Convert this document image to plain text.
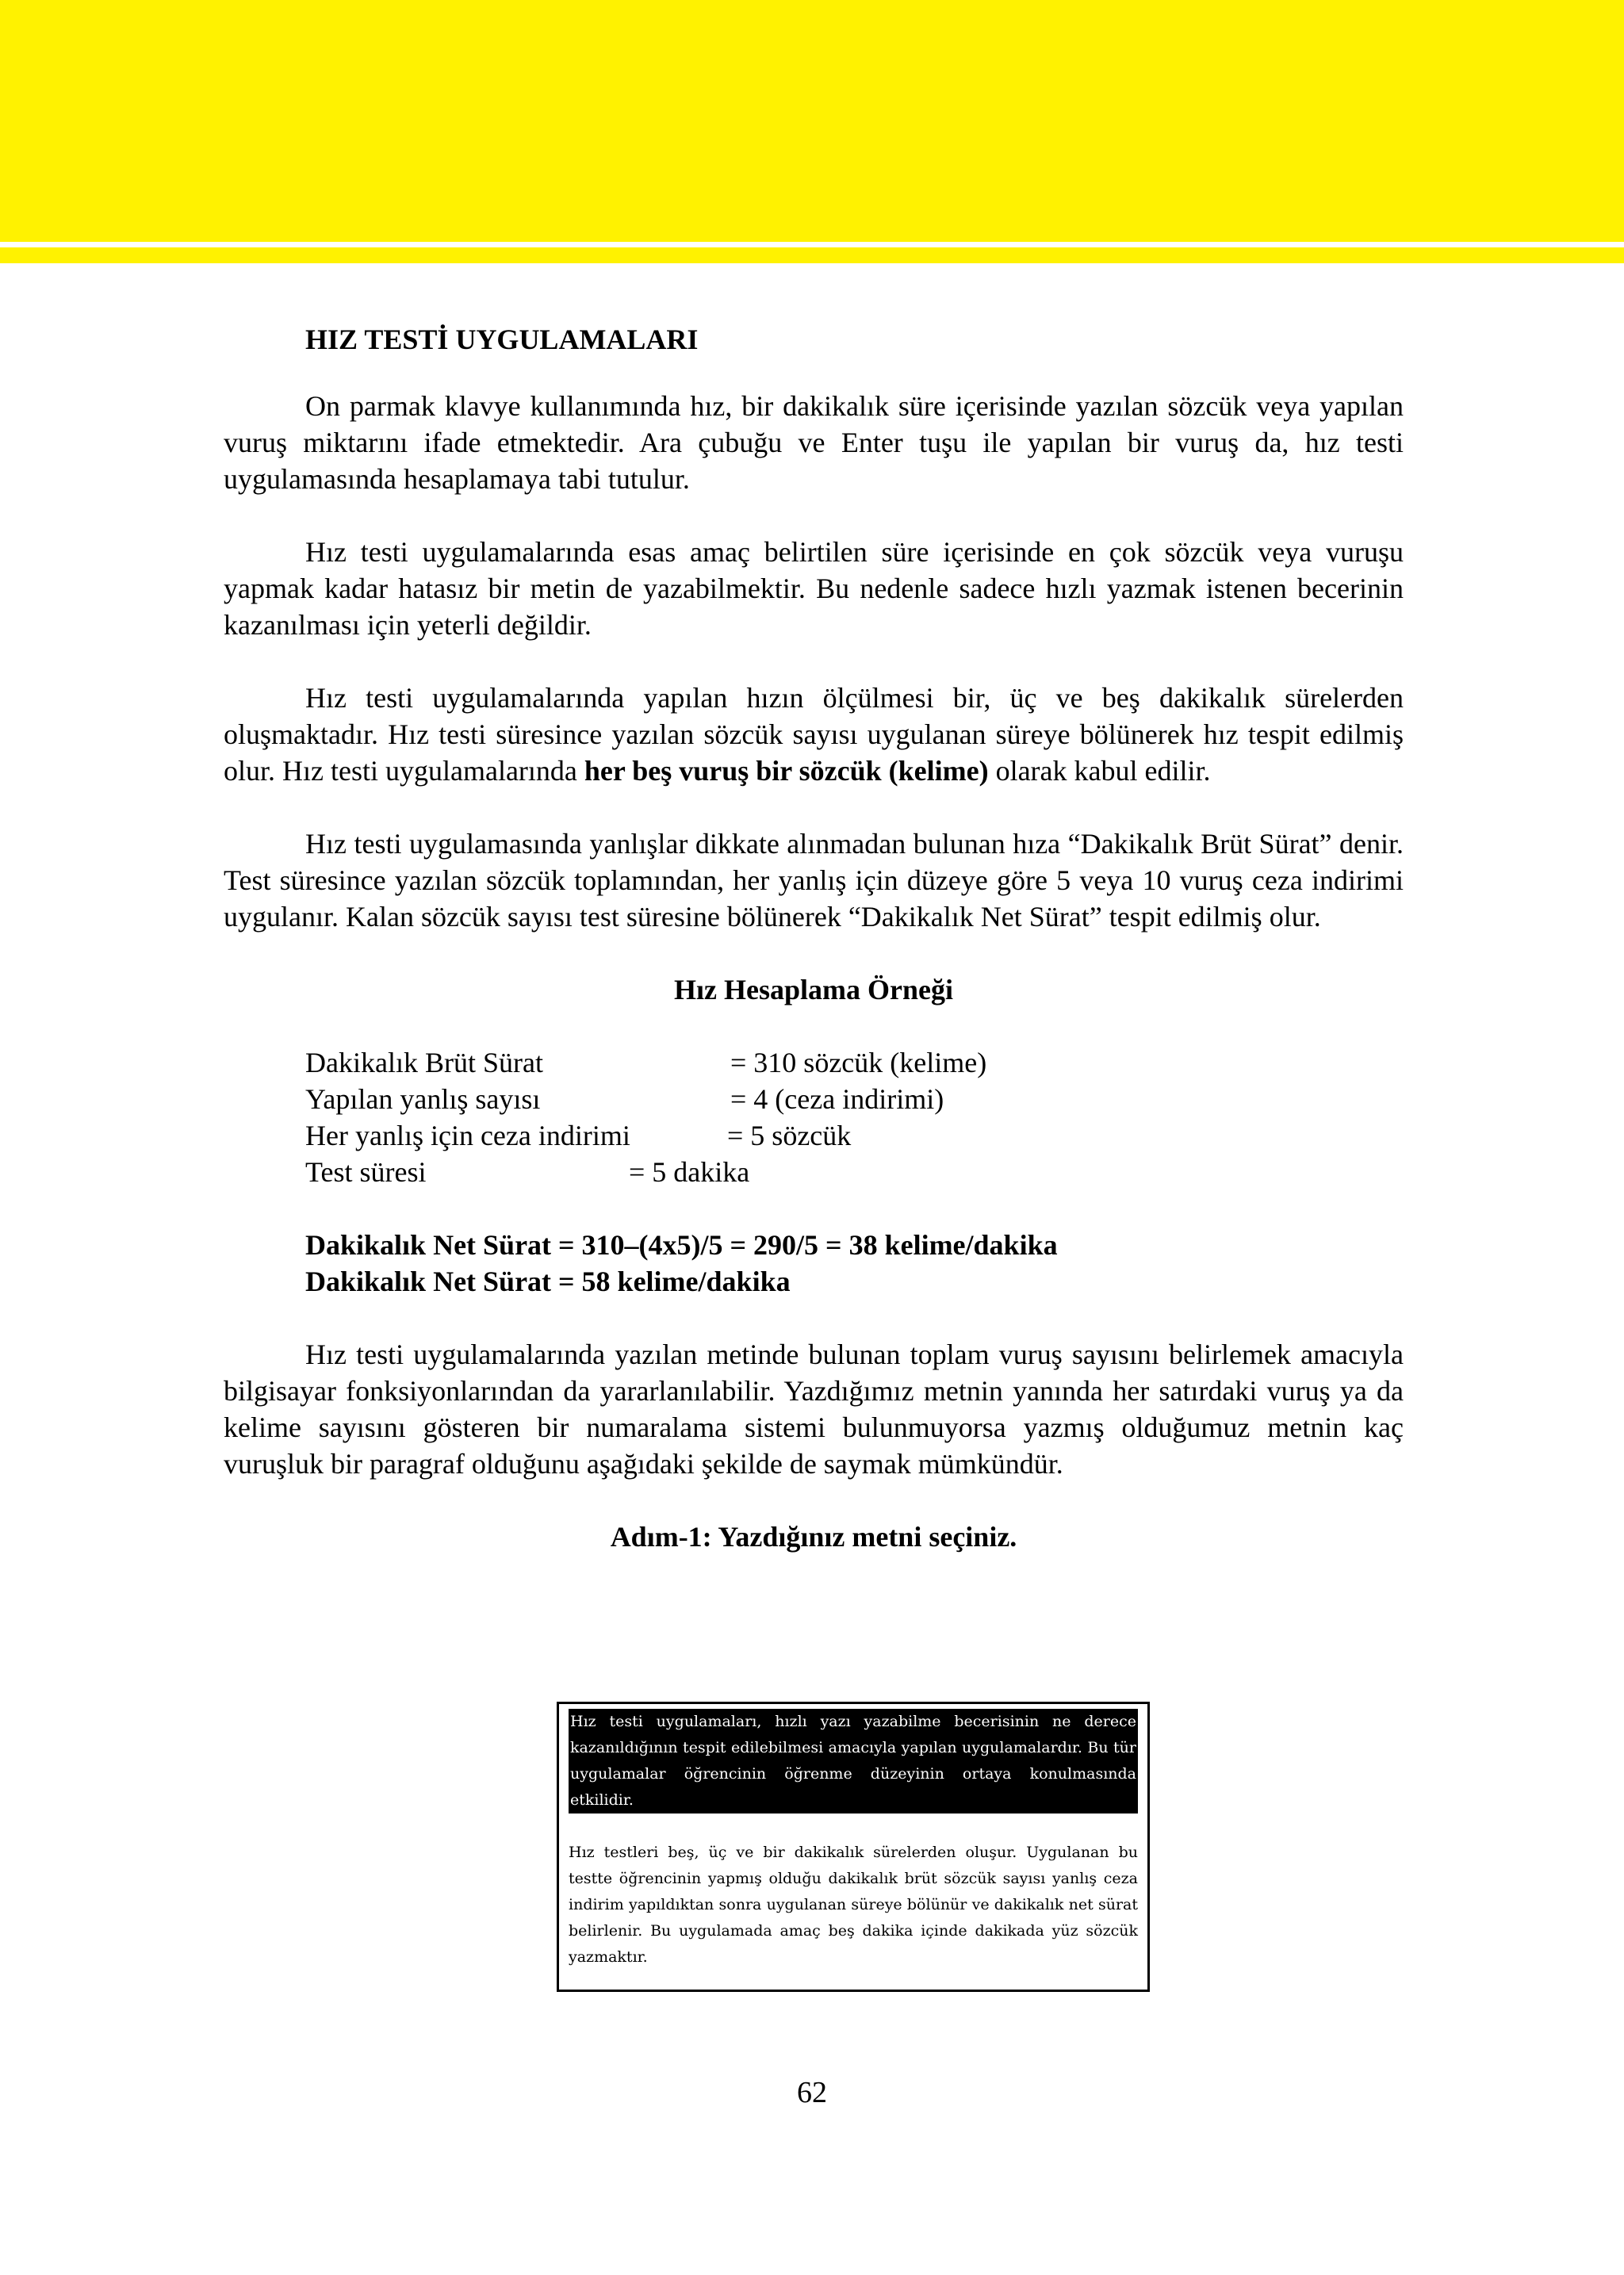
HIZ TESTİ UYGULAMALARI

On parmak klavye kullanımında hız, bir dakikalık süre içerisinde yazılan sözcük veya yapılan vuruş miktarını ifade etmektedir. Ara çubuğu ve Enter tuşu ile yapılan bir vuruş da, hız testi uygulamasında hesaplamaya tabi tutulur.

Hız testi uygulamalarında esas amaç belirtilen süre içerisinde en çok sözcük veya vuruşu yapmak kadar hatasız bir metin de yazabilmektir. Bu nedenle sadece hızlı yazmak istenen becerinin kazanılması için yeterli değildir.

Hız testi uygulamalarında yapılan hızın ölçülmesi bir, üç ve beş dakikalık sürelerden oluşmaktadır. Hız testi süresince yazılan sözcük sayısı uygulanan süreye bölünerek hız tespit edilmiş olur. Hız testi uygulamalarında her beş vuruş bir sözcük (kelime) olarak kabul edilir.

Hız testi uygulamasında yanlışlar dikkate alınmadan bulunan hıza “Dakikalık Brüt Sürat” denir. Test süresince yazılan sözcük toplamından, her yanlış için düzeye göre 5 veya 10 vuruş ceza indirimi uygulanır. Kalan sözcük sayısı test süresine bölünerek “Dakikalık Net Sürat” tespit edilmiş olur.

Hız Hesaplama Örneği
Dakikalık Brüt Sürat	= 310 sözcük (kelime)
Yapılan yanlış sayısı	= 4 (ceza indirimi)
Her yanlış için ceza indirimi	= 5 sözcük
Test süresi	= 5 dakika
Dakikalık Net Sürat = 310–(4x5)/5 = 290/5 = 38 kelime/dakika
Dakikalık Net Sürat = 58 kelime/dakika

Hız testi uygulamalarında yazılan metinde bulunan toplam vuruş sayısını belirlemek amacıyla bilgisayar fonksiyonlarından da yararlanılabilir. Yazdığımız metnin yanında her satırdaki vuruş ya da kelime sayısını gösteren bir numaralama sistemi bulunmuyorsa yazmış olduğumuz metnin kaç vuruşluk bir paragraf olduğunu aşağıdaki şekilde de saymak mümkündür.

Adım-1: Yazdığınız metni seçiniz.
Hız testi uygulamaları, hızlı yazı yazabilme becerisinin ne derece kazanıldığının tespit edilebilmesi amacıyla yapılan uygulamalardır. Bu tür uygulamalar öğrencinin öğrenme düzeyinin ortaya konulmasında etkilidir.
Hız testleri beş, üç ve bir dakikalık sürelerden oluşur. Uygulanan bu testte öğrencinin yapmış olduğu dakikalık brüt sözcük sayısı yanlış ceza indirim yapıldıktan sonra uygulanan süreye bölünür ve dakikalık net sürat belirlenir. Bu uygulamada amaç beş dakika içinde dakikada yüz sözcük yazmaktır.
62
